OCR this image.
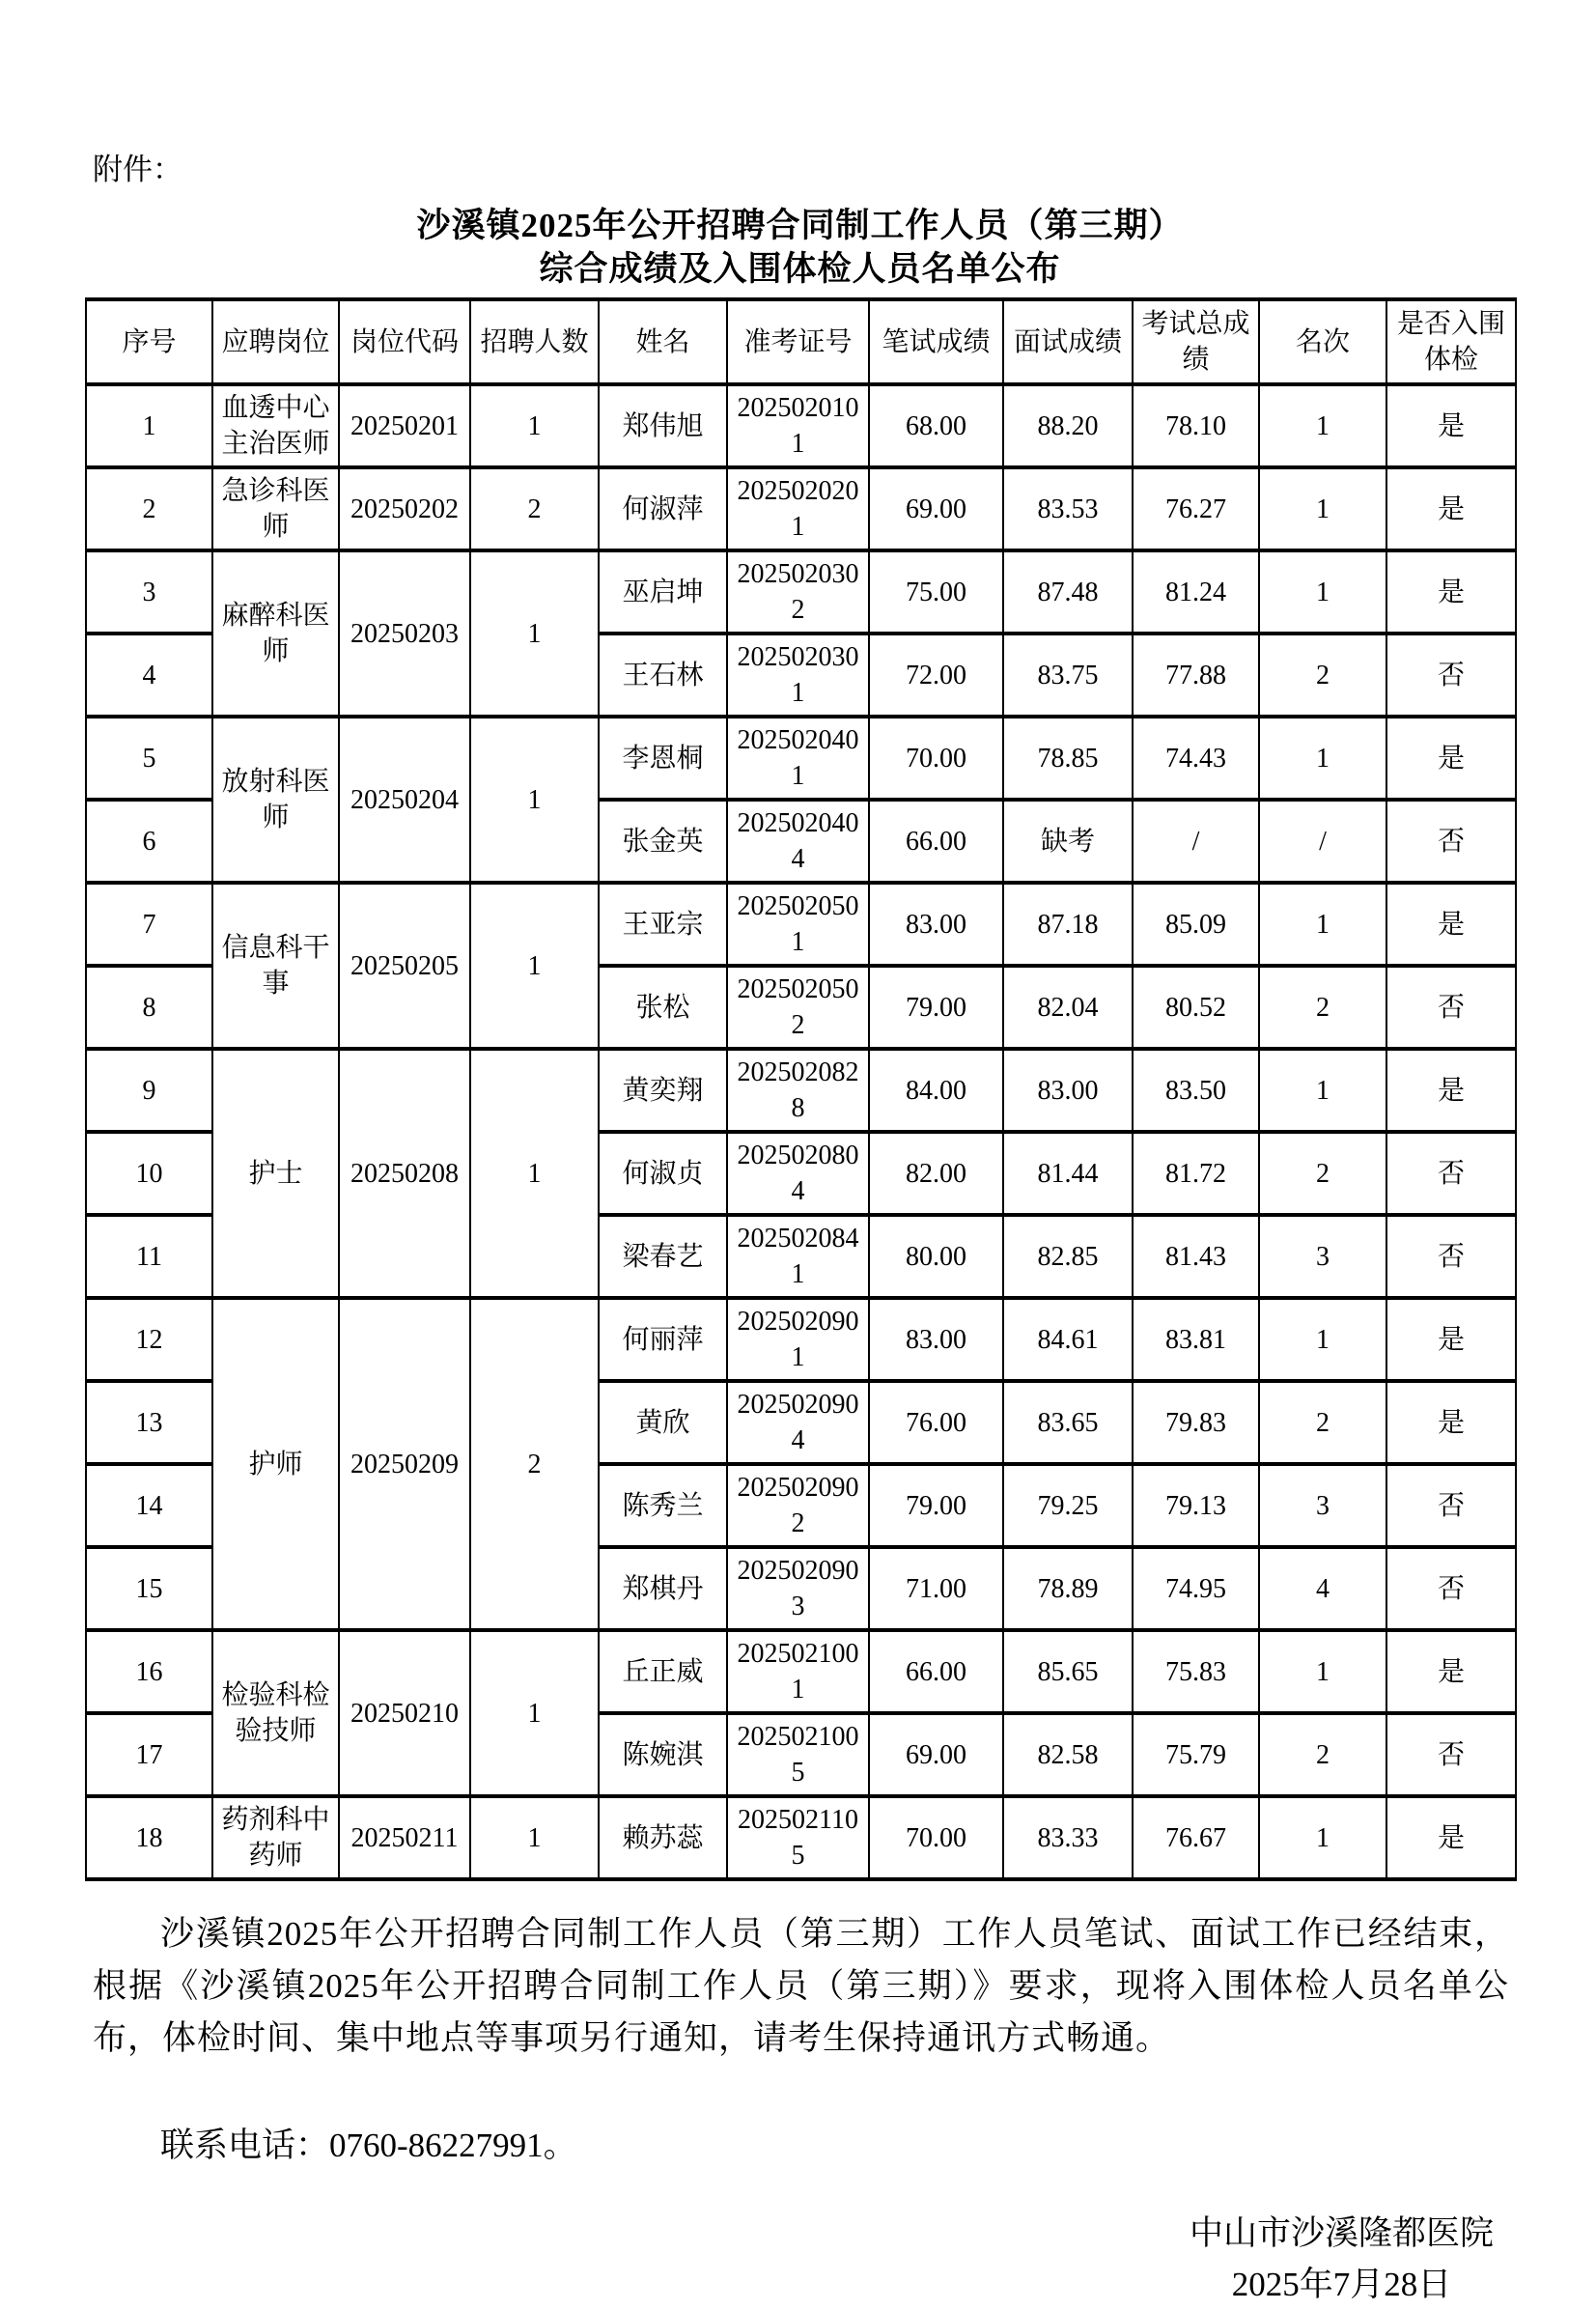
附件：
沙溪镇2025年公开招聘合同制工作人员（第三期）
综合成绩及入围体检人员名单公布
序号	应聘岗位	岗位代码	招聘人数	姓名	准考证号	笔试成绩	面试成绩	考试总成绩	名次	是否入围体检
1	血透中心主治医师	20250201	1	郑伟旭	2025020101	68.00	88.20	78.10	1	是
2	急诊科医师	20250202	2	何淑萍	2025020201	69.00	83.53	76.27	1	是
3	麻醉科医师	20250203	1	巫启坤	2025020302	75.00	87.48	81.24	1	是
4				王石林	2025020301	72.00	83.75	77.88	2	否
5	放射科医师	20250204	1	李恩桐	2025020401	70.00	78.85	74.43	1	是
6				张金英	2025020404	66.00	缺考	/	/	否
7	信息科干事	20250205	1	王亚宗	2025020501	83.00	87.18	85.09	1	是
8				张松	2025020502	79.00	82.04	80.52	2	否
9	护士	20250208	1	黄奕翔	2025020828	84.00	83.00	83.50	1	是
10				何淑贞	2025020804	82.00	81.44	81.72	2	否
11				梁春艺	2025020841	80.00	82.85	81.43	3	否
12	护师	20250209	2	何丽萍	2025020901	83.00	84.61	83.81	1	是
13				黄欣	2025020904	76.00	83.65	79.83	2	是
14				陈秀兰	2025020902	79.00	79.25	79.13	3	否
15				郑棋丹	2025020903	71.00	78.89	74.95	4	否
16	检验科检验技师	20250210	1	丘正威	2025021001	66.00	85.65	75.83	1	是
17				陈婉淇	2025021005	69.00	82.58	75.79	2	否
18	药剂科中药师	20250211	1	赖苏蕊	2025021105	70.00	83.33	76.67	1	是

沙溪镇2025年公开招聘合同制工作人员（第三期）工作人员笔试、面试工作已经结束，根据《沙溪镇2025年公开招聘合同制工作人员（第三期）》要求，现将入围体检人员名单公布，体检时间、集中地点等事项另行通知，请考生保持通讯方式畅通。

联系电话：0760-86227991。

中山市沙溪隆都医院
2025年7月28日
